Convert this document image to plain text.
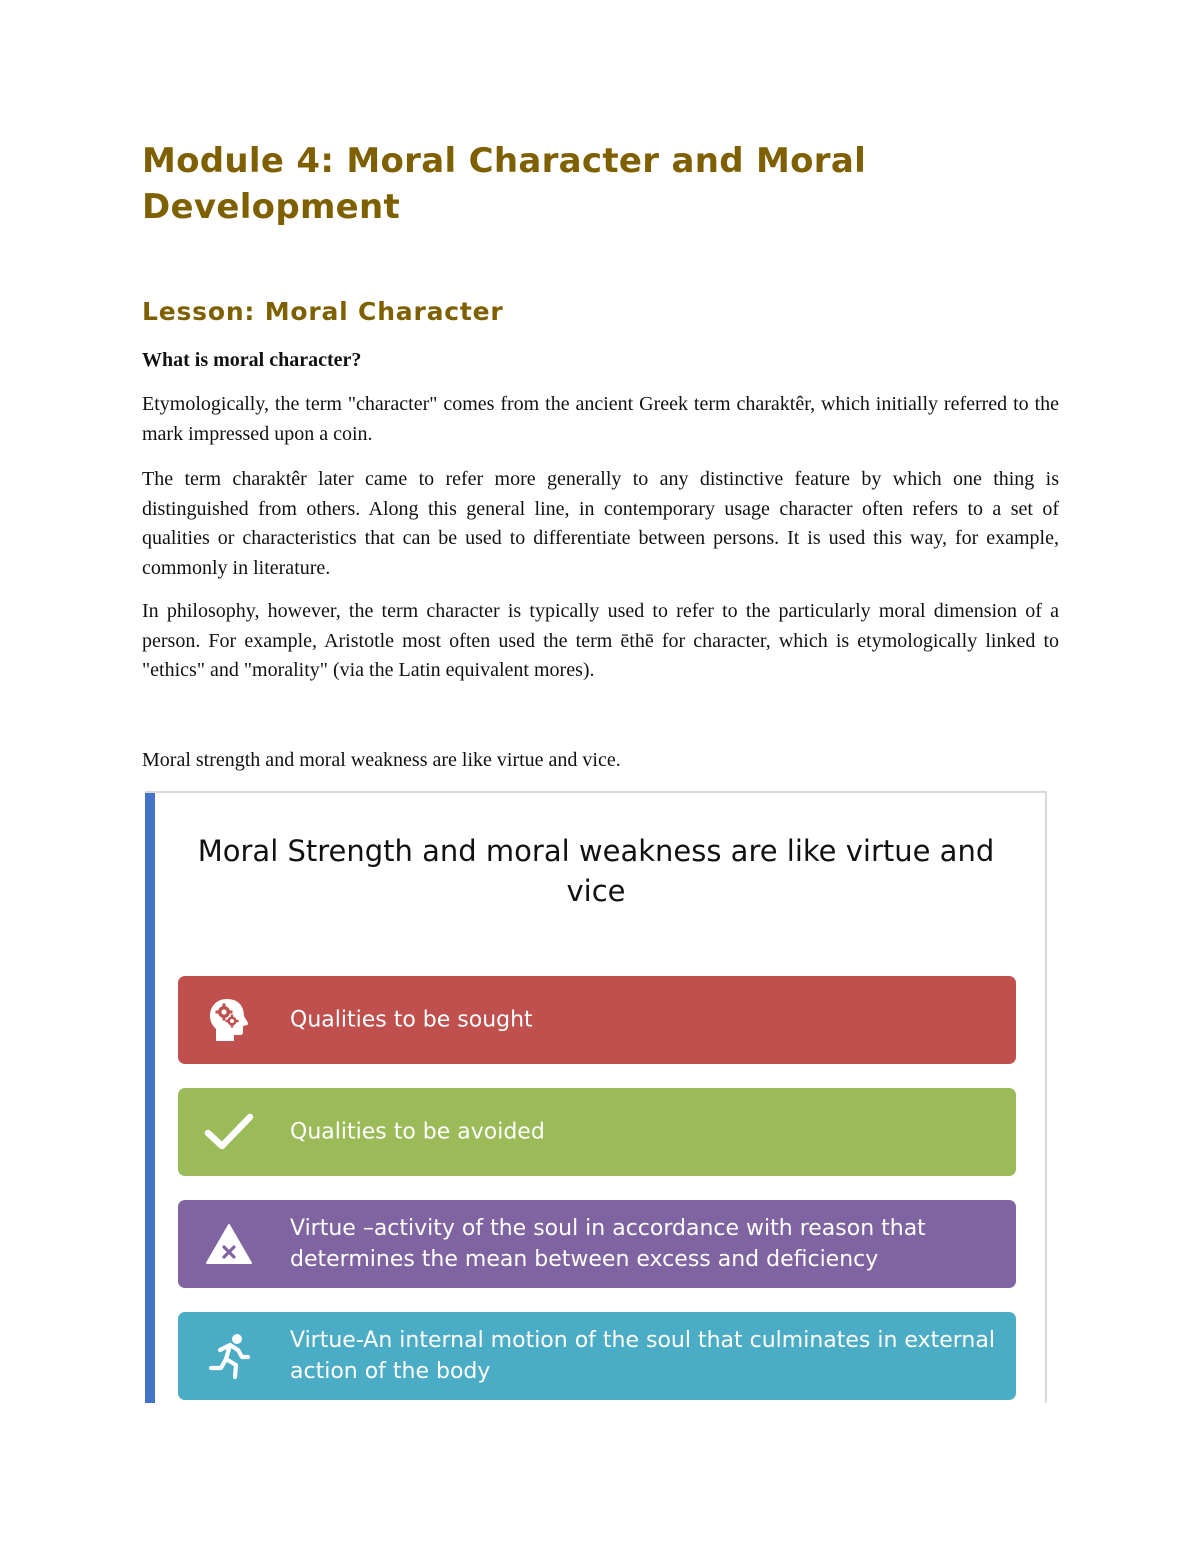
Module 4: Moral Character and Moral Development
Lesson: Moral Character

What is moral character?

Etymologically, the term "character" comes from the ancient Greek term charaktêr, which initially referred to the mark impressed upon a coin.

The term charaktêr later came to refer more generally to any distinctive feature by which one thing is distinguished from others. Along this general line, in contemporary usage character often refers to a set of qualities or characteristics that can be used to differentiate between persons. It is used this way, for example, commonly in literature.

In philosophy, however, the term character is typically used to refer to the particularly moral dimension of a person. For example, Aristotle most often used the term ēthē for character, which is etymologically linked to "ethics" and "morality" (via the Latin equivalent mores).

Moral strength and moral weakness are like virtue and vice.

Moral Strength and moral weakness are like virtue and vice

Qualities to be sought
Qualities to be avoided
Virtue –activity of the soul in accordance with reason that determines the mean between excess and deficiency
Virtue-An internal motion of the soul that culminates in external action of the body
